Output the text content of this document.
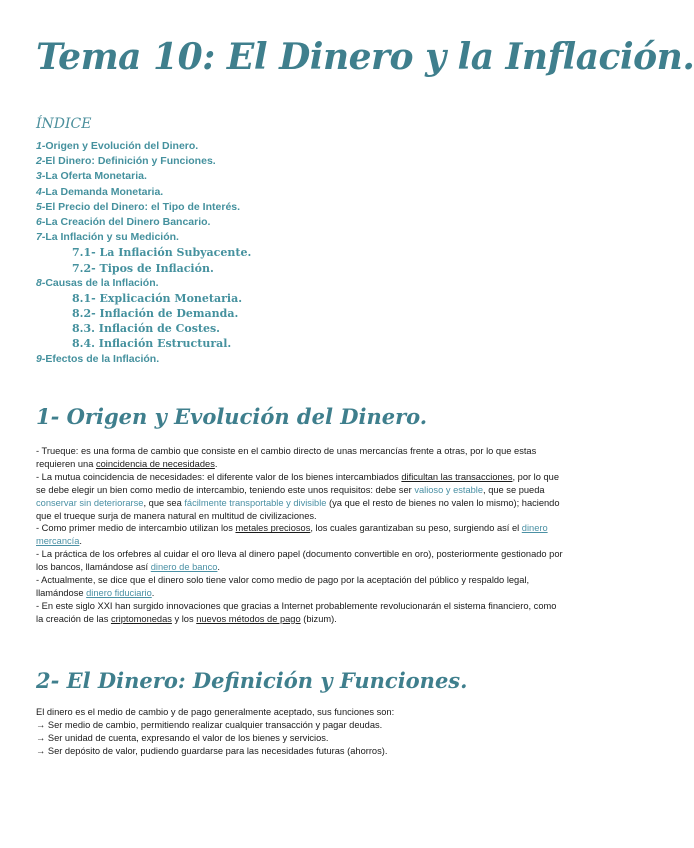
Tema 10: El Dinero y la Inflación.
ÍNDICE
1-Origen y Evolución del Dinero.
2-El Dinero: Definición y Funciones.
3-La Oferta Monetaria.
4-La Demanda Monetaria.
5-El Precio del Dinero: el Tipo de Interés.
6-La Creación del Dinero Bancario.
7-La Inflación y su Medición.
7.1- La Inflación Subyacente.
7.2- Tipos de Inflación.
8-Causas de la Inflación.
8.1- Explicación Monetaria.
8.2- Inflación de Demanda.
8.3. Inflación de Costes.
8.4. Inflación Estructural.
9-Efectos de la Inflación.
1- Origen y Evolución del Dinero.

- Trueque: es una forma de cambio que consiste en el cambio directo de unas mercancías frente a otras, por lo que estas requieren una coincidencia de necesidades.

- La mutua coincidencia de necesidades: el diferente valor de los bienes intercambiados dificultan las transacciones, por lo que se debe elegir un bien como medio de intercambio, teniendo este unos requisitos: debe ser valioso y estable, que se pueda conservar sin deteriorarse, que sea fácilmente transportable y divisible (ya que el resto de bienes no valen lo mismo); haciendo que el trueque surja de manera natural en multitud de civilizaciones.

- Como primer medio de intercambio utilizan los metales preciosos, los cuales garantizaban su peso, surgiendo así el dinero mercancía.

- La práctica de los orfebres al cuidar el oro lleva al dinero papel (documento convertible en oro), posteriormente gestionado por los bancos, llamándose así dinero de banco.

- Actualmente, se dice que el dinero solo tiene valor como medio de pago por la aceptación del público y respaldo legal, llamándose dinero fiduciario.

- En este siglo XXI han surgido innovaciones que gracias a Internet probablemente revolucionarán el sistema financiero, como la creación de las criptomonedas y los nuevos métodos de pago (bizum).

2- El Dinero: Definición y Funciones.

El dinero es el medio de cambio y de pago generalmente aceptado, sus funciones son:

→ Ser medio de cambio, permitiendo realizar cualquier transacción y pagar deudas.

→ Ser unidad de cuenta, expresando el valor de los bienes y servicios.

→ Ser depósito de valor, pudiendo guardarse para las necesidades futuras (ahorros).
